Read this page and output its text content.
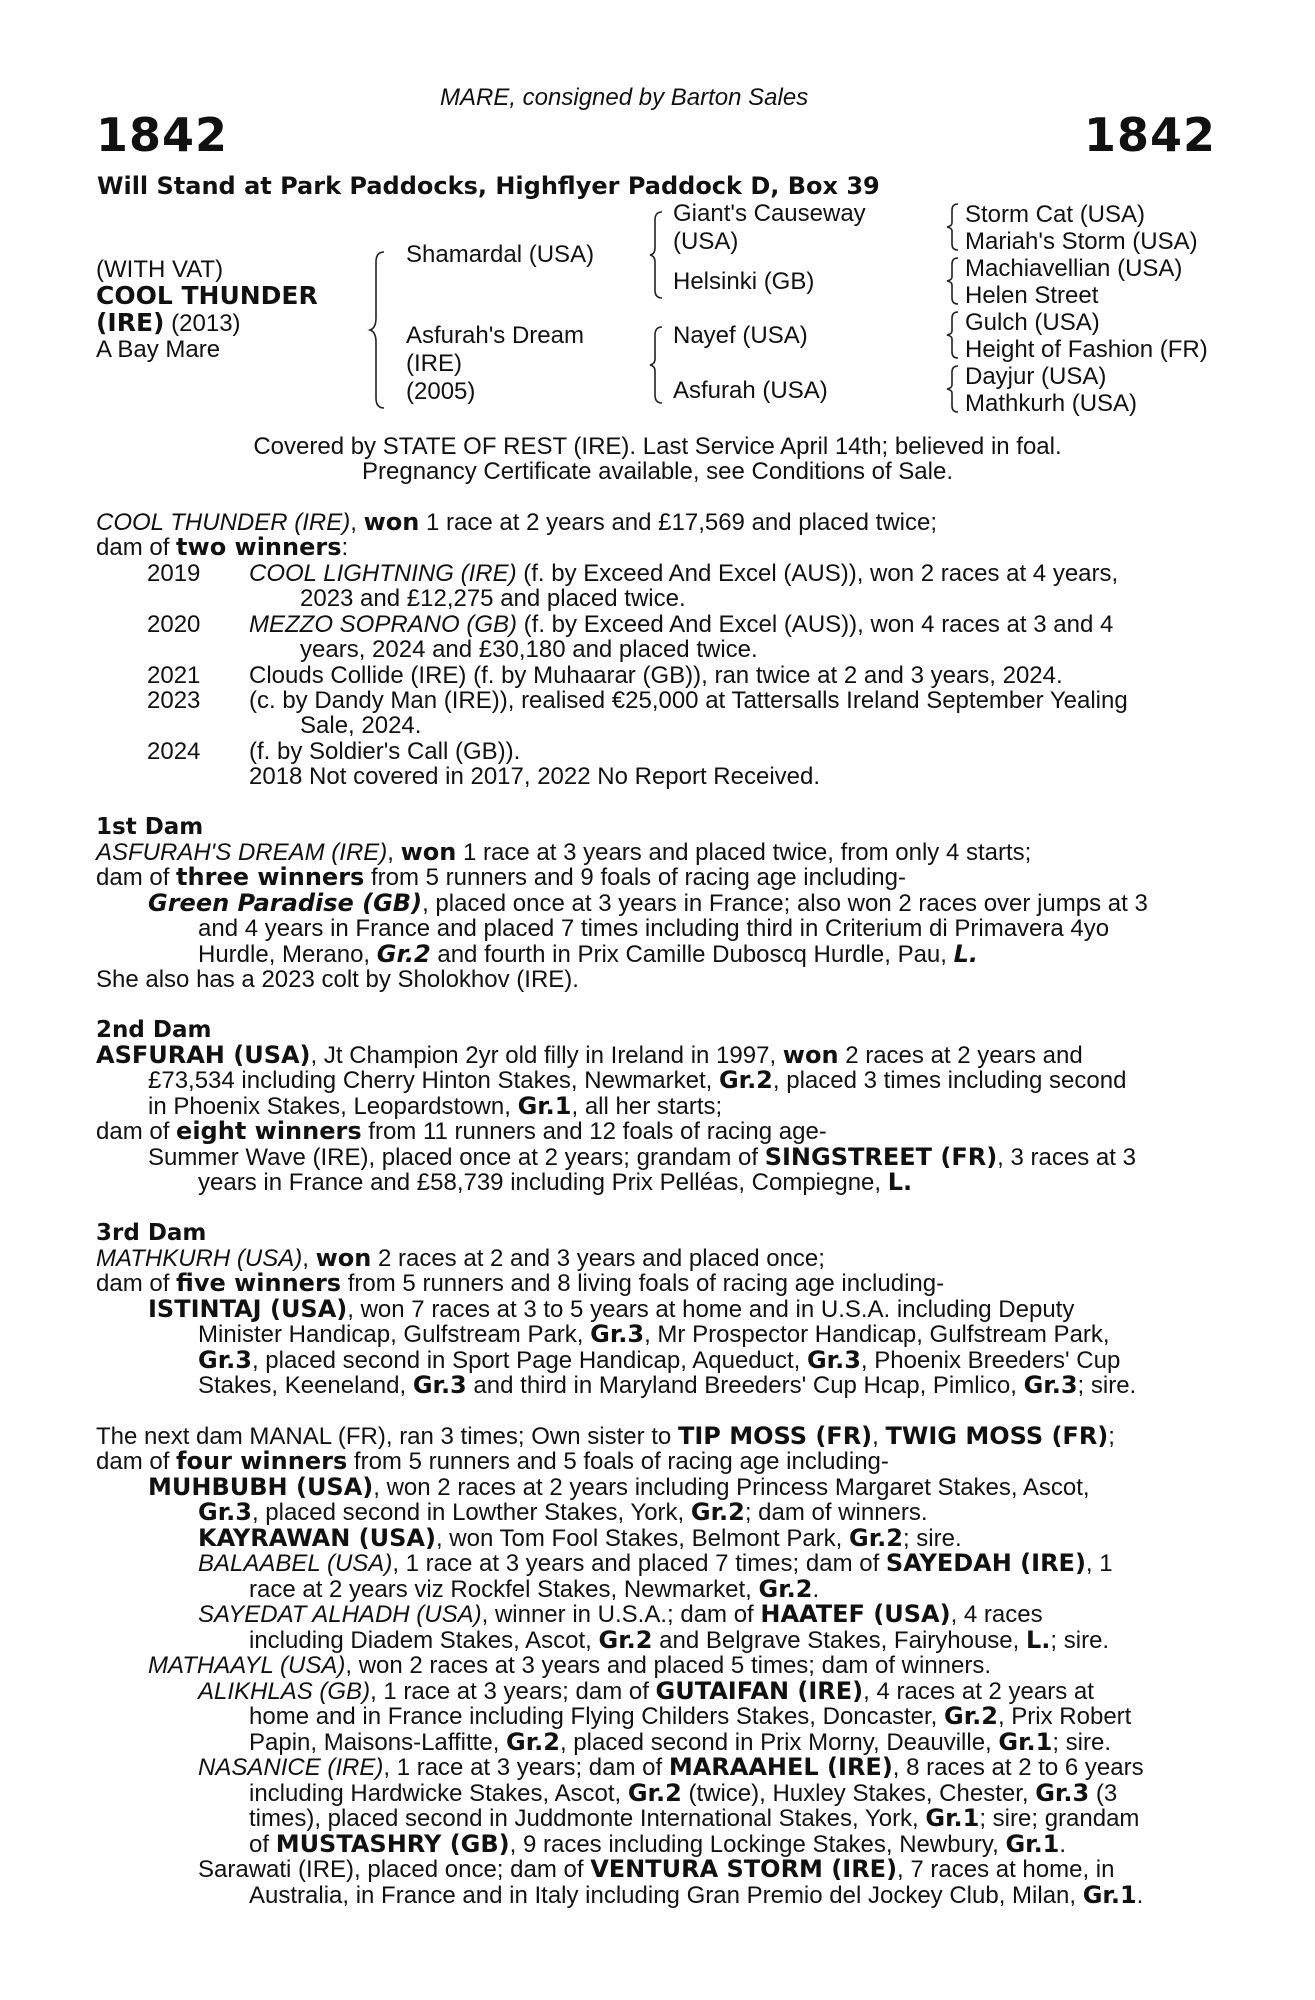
MARE, consigned by Barton Sales
1842	1842
Will Stand at Park Paddocks, Highflyer Paddock D, Box 39
(WITH VAT)
COOL THUNDER
(IRE) (2013)
A Bay Mare
Shamardal (USA)
Asfurah's Dream
(IRE)
(2005)
Giant's Causeway
(USA)
Helsinki (GB)
Nayef (USA)
Asfurah (USA)
Storm Cat (USA)
Mariah's Storm (USA)
Machiavellian (USA)
Helen Street
Gulch (USA)
Height of Fashion (FR)
Dayjur (USA)
Mathkurh (USA)
Covered by STATE OF REST (IRE). Last Service April 14th; believed in foal.
Pregnancy Certificate available, see Conditions of Sale.
COOL THUNDER (IRE), won 1 race at 2 years and £17,569 and placed twice;
dam of two winners:
2019 COOL LIGHTNING (IRE) (f. by Exceed And Excel (AUS)), won 2 races at 4 years,
2023 and £12,275 and placed twice.
2020 MEZZO SOPRANO (GB) (f. by Exceed And Excel (AUS)), won 4 races at 3 and 4
years, 2024 and £30,180 and placed twice.
2021 Clouds Collide (IRE) (f. by Muhaarar (GB)), ran twice at 2 and 3 years, 2024.
2023 (c. by Dandy Man (IRE)), realised €25,000 at Tattersalls Ireland September Yealing
Sale, 2024.
2024 (f. by Soldier's Call (GB)).
2018 Not covered in 2017, 2022 No Report Received.
1st Dam
ASFURAH'S DREAM (IRE), won 1 race at 3 years and placed twice, from only 4 starts;
dam of three winners from 5 runners and 9 foals of racing age including-
Green Paradise (GB), placed once at 3 years in France; also won 2 races over jumps at 3
and 4 years in France and placed 7 times including third in Criterium di Primavera 4yo
Hurdle, Merano, Gr.2 and fourth in Prix Camille Duboscq Hurdle, Pau, L.
She also has a 2023 colt by Sholokhov (IRE).
2nd Dam
ASFURAH (USA), Jt Champion 2yr old filly in Ireland in 1997, won 2 races at 2 years and
£73,534 including Cherry Hinton Stakes, Newmarket, Gr.2, placed 3 times including second
in Phoenix Stakes, Leopardstown, Gr.1, all her starts;
dam of eight winners from 11 runners and 12 foals of racing age-
Summer Wave (IRE), placed once at 2 years; grandam of SINGSTREET (FR), 3 races at 3
years in France and £58,739 including Prix Pelléas, Compiegne, L.
3rd Dam
MATHKURH (USA), won 2 races at 2 and 3 years and placed once;
dam of five winners from 5 runners and 8 living foals of racing age including-
ISTINTAJ (USA), won 7 races at 3 to 5 years at home and in U.S.A. including Deputy
Minister Handicap, Gulfstream Park, Gr.3, Mr Prospector Handicap, Gulfstream Park,
Gr.3, placed second in Sport Page Handicap, Aqueduct, Gr.3, Phoenix Breeders' Cup
Stakes, Keeneland, Gr.3 and third in Maryland Breeders' Cup Hcap, Pimlico, Gr.3; sire.
The next dam MANAL (FR), ran 3 times; Own sister to TIP MOSS (FR), TWIG MOSS (FR);
dam of four winners from 5 runners and 5 foals of racing age including-
MUHBUBH (USA), won 2 races at 2 years including Princess Margaret Stakes, Ascot,
Gr.3, placed second in Lowther Stakes, York, Gr.2; dam of winners.
KAYRAWAN (USA), won Tom Fool Stakes, Belmont Park, Gr.2; sire.
BALAABEL (USA), 1 race at 3 years and placed 7 times; dam of SAYEDAH (IRE), 1
race at 2 years viz Rockfel Stakes, Newmarket, Gr.2.
SAYEDAT ALHADH (USA), winner in U.S.A.; dam of HAATEF (USA), 4 races
including Diadem Stakes, Ascot, Gr.2 and Belgrave Stakes, Fairyhouse, L.; sire.
MATHAAYL (USA), won 2 races at 3 years and placed 5 times; dam of winners.
ALIKHLAS (GB), 1 race at 3 years; dam of GUTAIFAN (IRE), 4 races at 2 years at
home and in France including Flying Childers Stakes, Doncaster, Gr.2, Prix Robert
Papin, Maisons-Laffitte, Gr.2, placed second in Prix Morny, Deauville, Gr.1; sire.
NASANICE (IRE), 1 race at 3 years; dam of MARAAHEL (IRE), 8 races at 2 to 6 years
including Hardwicke Stakes, Ascot, Gr.2 (twice), Huxley Stakes, Chester, Gr.3 (3
times), placed second in Juddmonte International Stakes, York, Gr.1; sire; grandam
of MUSTASHRY (GB), 9 races including Lockinge Stakes, Newbury, Gr.1.
Sarawati (IRE), placed once; dam of VENTURA STORM (IRE), 7 races at home, in
Australia, in France and in Italy including Gran Premio del Jockey Club, Milan, Gr.1.
